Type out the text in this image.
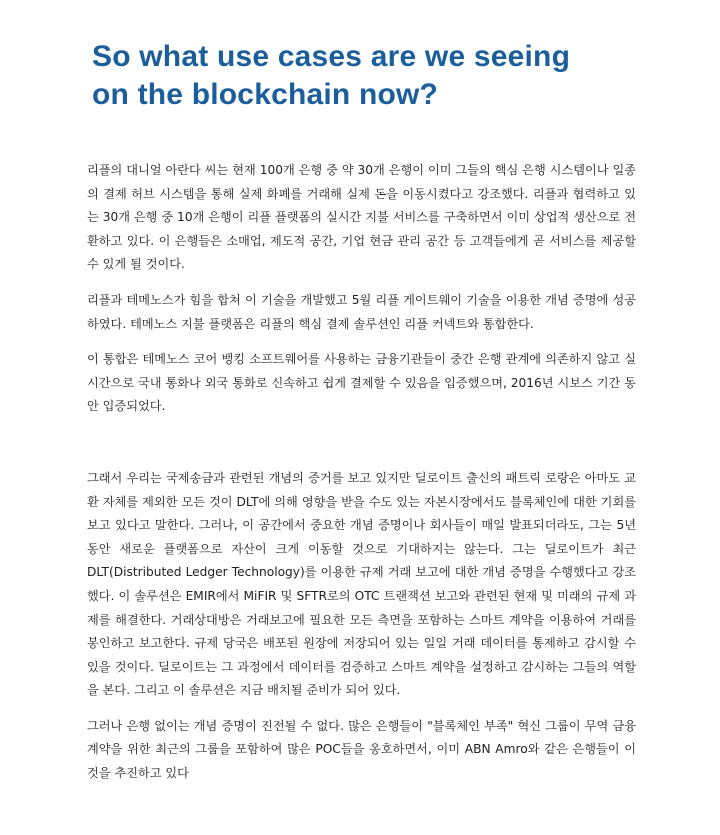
So what use cases are we seeing
on the blockchain now?

리플의 대니얼 아란다 씨는 현재 100개 은행 중 약 30개 은행이 이미 그들의 핵심 은행 시스템이나 일종의 결제 허브 시스템을 통해 실제 화폐를 거래해 실제 돈을 이동시켰다고 강조했다. 리플과 협력하고 있는 30개 은행 중 10개 은행이 리플 플랫폼의 실시간 지불 서비스를 구축하면서 이미 상업적 생산으로 전환하고 있다. 이 은행들은 소매업, 제도적 공간, 기업 현금 관리 공간 등 고객들에게 곧 서비스를 제공할 수 있게 될 것이다.

리플과 테메노스가 힘을 합쳐 이 기술을 개발했고 5월 리플 게이트웨이 기술을 이용한 개념 증명에 성공하였다. 테메노스 지불 플랫폼은 리플의 핵심 결제 솔루션인 리플 커넥트와 통합한다.

이 통합은 테메노스 코어 뱅킹 소프트웨어를 사용하는 금융기관들이 중간 은행 관계에 의존하지 않고 실시간으로 국내 통화나 외국 통화로 신속하고 쉽게 결제할 수 있음을 입증했으며, 2016년 시보스 기간 동안 입증되었다.

그래서 우리는 국제송금과 관련된 개념의 증거를 보고 있지만 딜로이트 출신의 패트릭 로랑은 아마도 교환 자체를 제외한 모든 것이 DLT에 의해 영향을 받을 수도 있는 자본시장에서도 블록체인에 대한 기회를 보고 있다고 말한다. 그러나, 이 공간에서 중요한 개념 증명이나 회사들이 매일 발표되더라도, 그는 5년 동안 새로운 플랫폼으로 자산이 크게 이동할 것으로 기대하지는 않는다. 그는 딜로이트가 최근 DLT(Distributed Ledger Technology)를 이용한 규제 거래 보고에 대한 개념 증명을 수행했다고 강조했다. 이 솔루션은 EMIR에서 MiFIR 및 SFTR로의 OTC 트랜잭션 보고와 관련된 현재 및 미래의 규제 과제를 해결한다. 거래상대방은 거래보고에 필요한 모든 측면을 포함하는 스마트 계약을 이용하여 거래를 봉인하고 보고한다. 규제 당국은 배포된 원장에 저장되어 있는 일일 거래 데이터를 통제하고 감시할 수 있을 것이다. 딜로이트는 그 과정에서 데이터를 검증하고 스마트 계약을 설정하고 감시하는 그들의 역할을 본다. 그리고 이 솔루션은 지금 배치될 준비가 되어 있다.

그러나 은행 없이는 개념 증명이 진전될 수 없다. 많은 은행들이 "블록체인 부족" 혁신 그룹이 무역 금융 계약을 위한 최근의 그룹을 포함하여 많은 POC들을 옹호하면서, 이미 ABN Amro와 같은 은행들이 이것을 추진하고 있다
